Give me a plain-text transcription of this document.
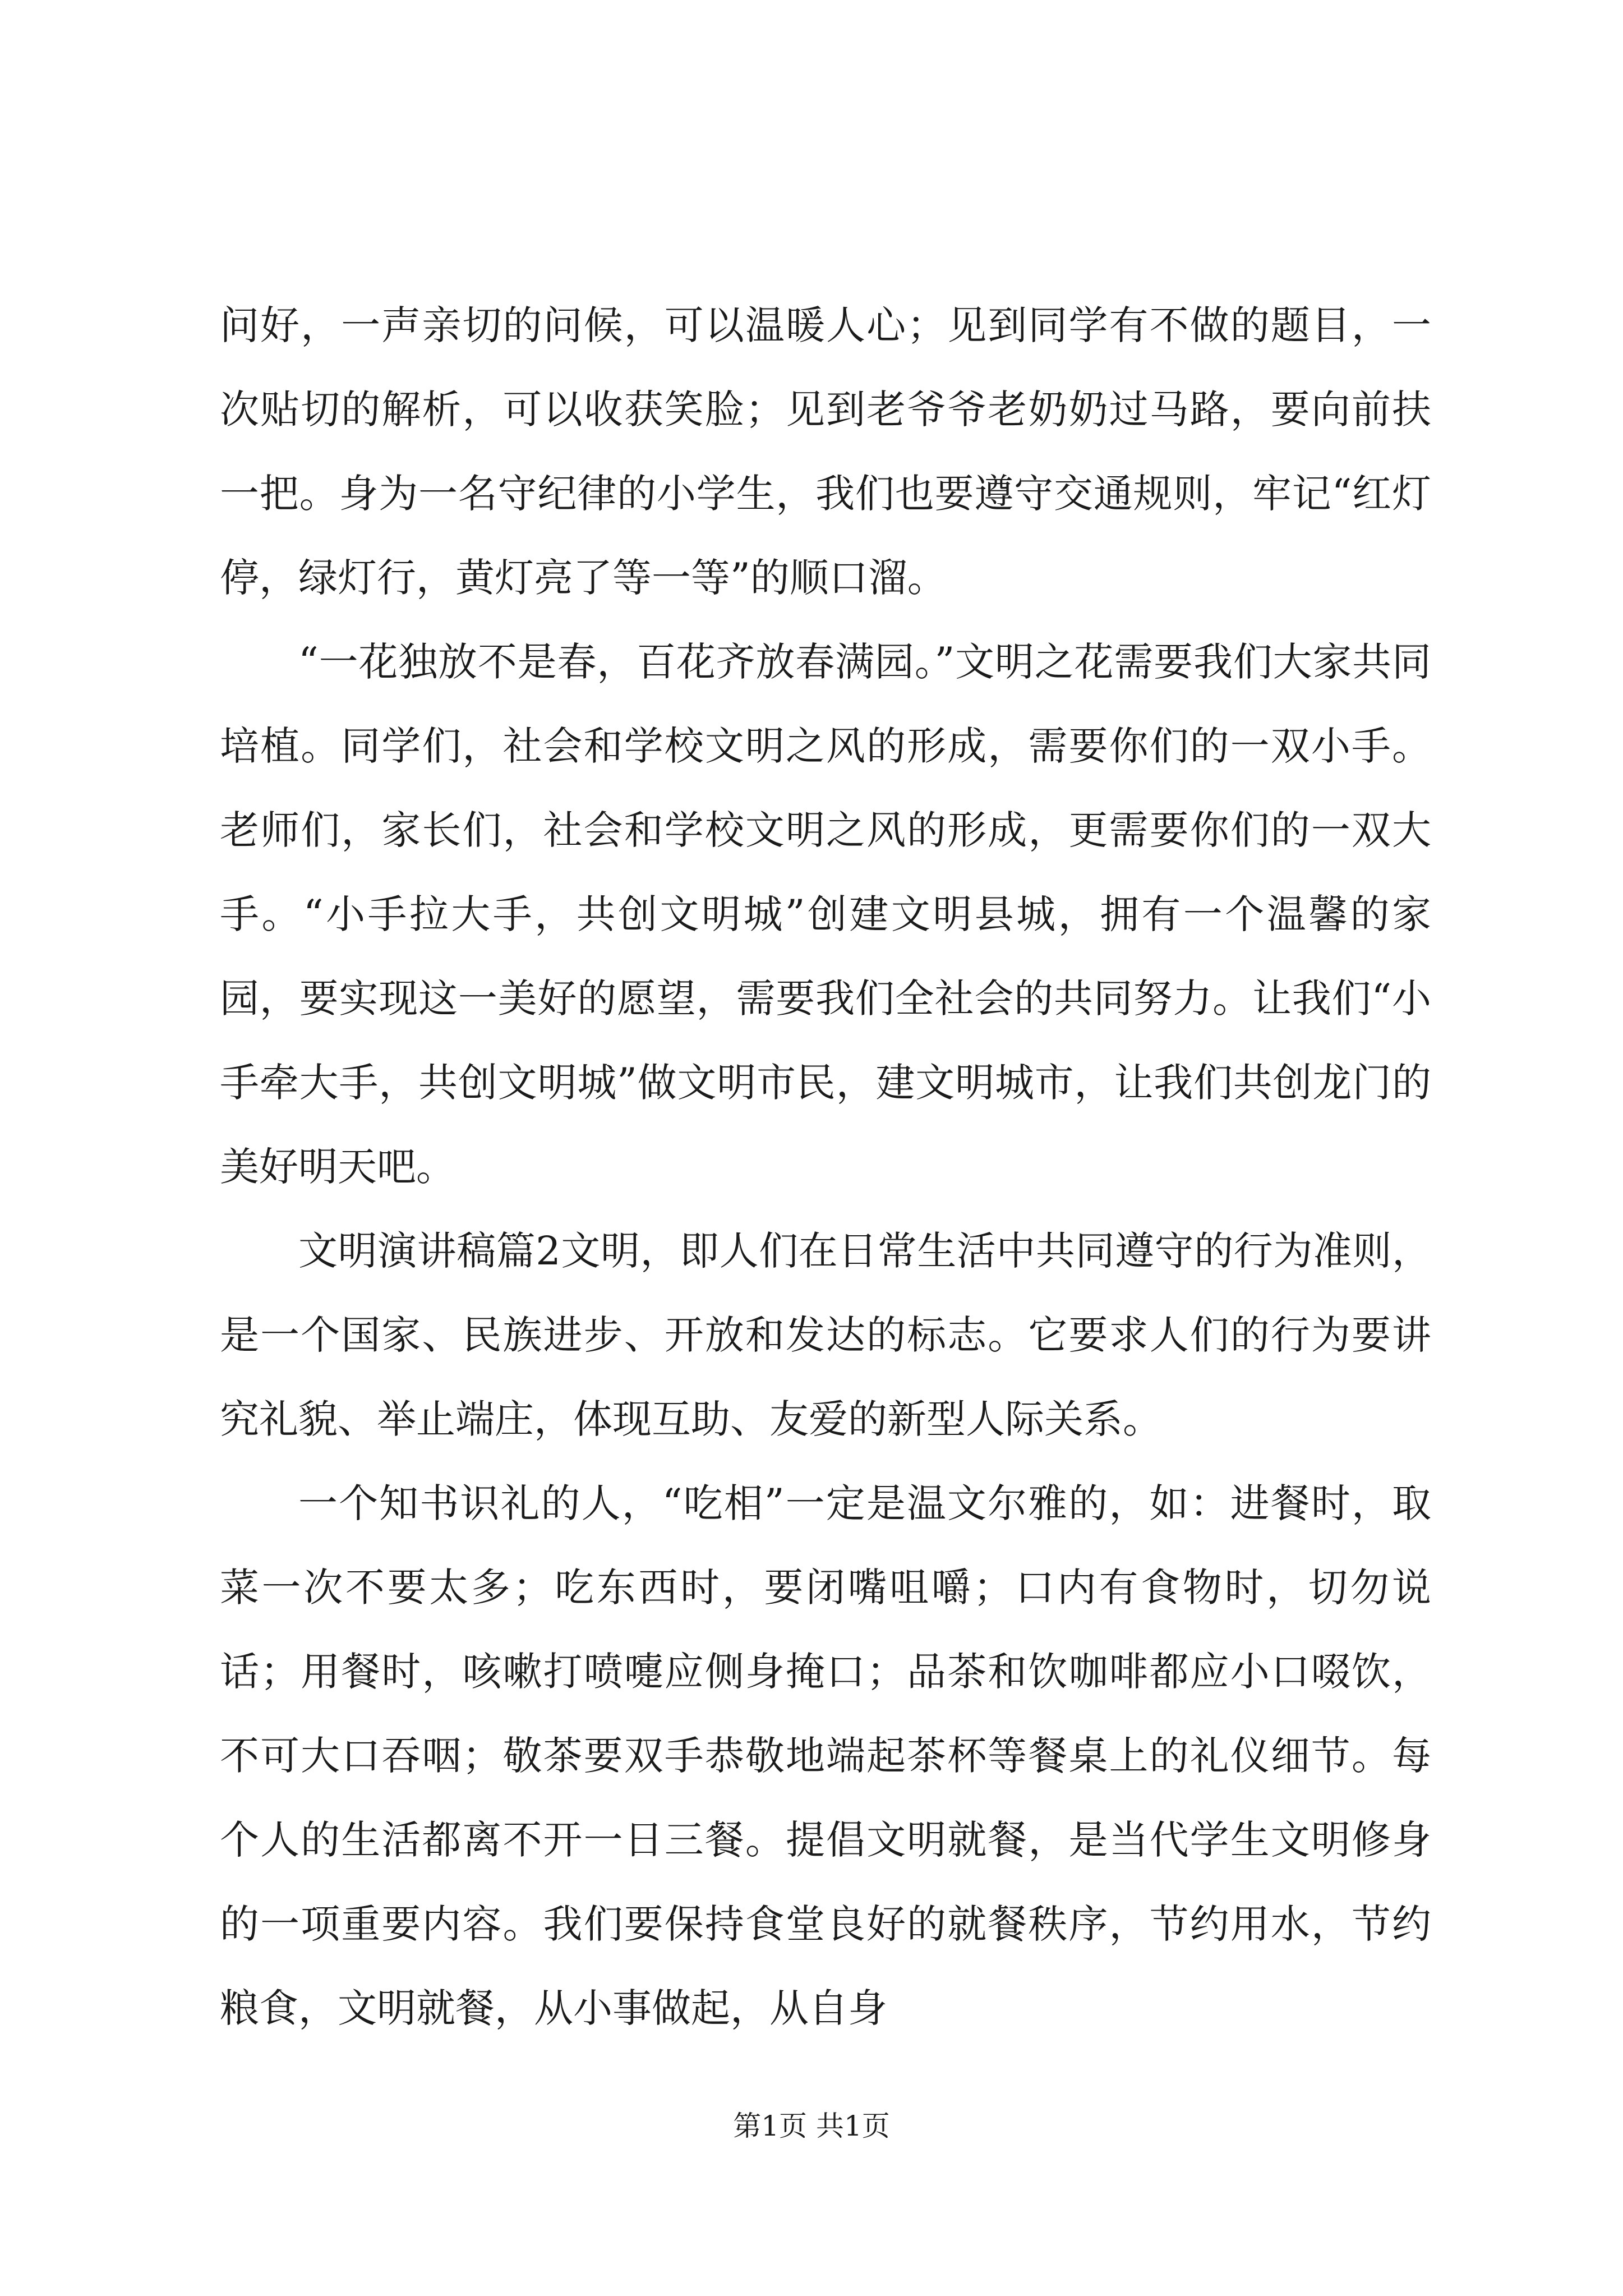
问好，一声亲切的问候，可以温暖人心；见到同学有不做的题目，一次贴切的解析，可以收获笑脸；见到老爷爷老奶奶过马路，要向前扶一把。身为一名守纪律的小学生，我们也要遵守交通规则，牢记“红灯停，绿灯行，黄灯亮了等一等”的顺口溜。

“一花独放不是春，百花齐放春满园。”文明之花需要我们大家共同培植。同学们，社会和学校文明之风的形成，需要你们的一双小手。老师们，家长们，社会和学校文明之风的形成，更需要你们的一双大手。“小手拉大手，共创文明城”创建文明县城，拥有一个温馨的家园，要实现这一美好的愿望，需要我们全社会的共同努力。让我们“小手牵大手，共创文明城”做文明市民，建文明城市，让我们共创龙门的美好明天吧。

文明演讲稿篇2文明，即人们在日常生活中共同遵守的行为准则，是一个国家、民族进步、开放和发达的标志。它要求人们的行为要讲究礼貌、举止端庄，体现互助、友爱的新型人际关系。

一个知书识礼的人，“吃相”一定是温文尔雅的，如：进餐时，取菜一次不要太多；吃东西时，要闭嘴咀嚼；口内有食物时，切勿说话；用餐时，咳嗽打喷嚏应侧身掩口；品茶和饮咖啡都应小口啜饮，不可大口吞咽；敬茶要双手恭敬地端起茶杯等餐桌上的礼仪细节。每个人的生活都离不开一日三餐。提倡文明就餐，是当代学生文明修身的一项重要内容。我们要保持食堂良好的就餐秩序，节约用水，节约粮食，文明就餐，从小事做起，从自身

第1页 共1页
